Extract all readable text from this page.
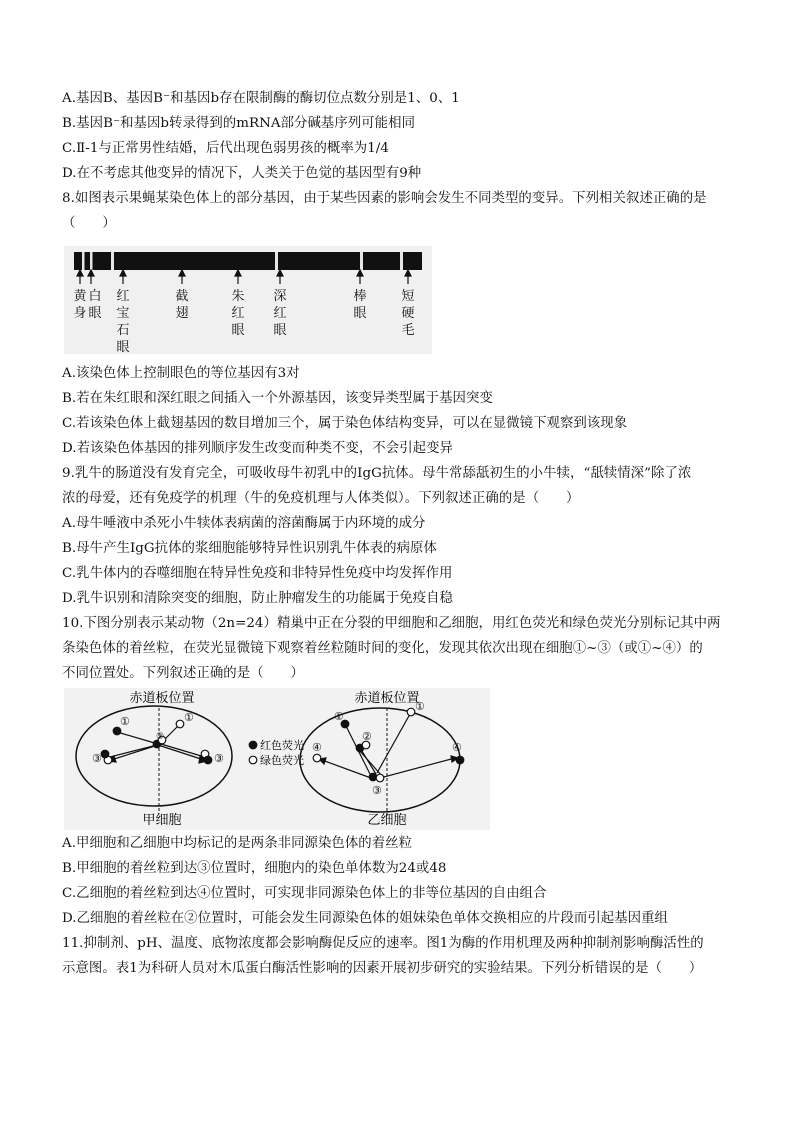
A.基因B、基因B⁻和基因b存在限制酶的酶切位点数分别是1、0、1
B.基因B⁻和基因b转录得到的mRNA部分碱基序列可能相同
C.Ⅱ-1与正常男性结婚，后代出现色弱男孩的概率为1/4
D.在不考虑其他变异的情况下，人类关于色觉的基因型有9种
8.如图表示果蝇某染色体上的部分基因，由于某些因素的影响会发生不同类型的变异。下列相关叙述正确的是
（　　）
黄
身
白
眼
红
宝
石
眼
截
翅
朱
红
眼
深
红
眼
棒
眼
短
硬
毛
A.该染色体上控制眼色的等位基因有3对
B.若在朱红眼和深红眼之间插入一个外源基因，该变异类型属于基因突变
C.若该染色体上截翅基因的数目增加三个，属于染色体结构变异，可以在显微镜下观察到该现象
D.若该染色体基因的排列顺序发生改变而种类不变，不会引起变异
9.乳牛的肠道没有发育完全，可吸收母牛初乳中的IgG抗体。母牛常舔舐初生的小牛犊，“舐犊情深”除了浓
浓的母爱，还有免疫学的机理（牛的免疫机理与人体类似）。下列叙述正确的是（　　）
A.母牛唾液中杀死小牛犊体表病菌的溶菌酶属于内环境的成分
B.母牛产生IgG抗体的浆细胞能够特异性识别乳牛体表的病原体
C.乳牛体内的吞噬细胞在特异性免疫和非特异性免疫中均发挥作用
D.乳牛识别和清除突变的细胞，防止肿瘤发生的功能属于免疫自稳
10.下图分别表示某动物（2n=24）精巢中正在分裂的甲细胞和乙细胞，用红色荧光和绿色荧光分别标记其中两
条染色体的着丝粒，在荧光显微镜下观察着丝粒随时间的变化，发现其依次出现在细胞①~③（或①~④）的
不同位置处。下列叙述正确的是（　　）
赤道板位置	赤道板位置
①	①
②
③	③
甲细胞
红色荧光
绿色荧光
①
①
②
④	④
③
乙细胞
A.甲细胞和乙细胞中均标记的是两条非同源染色体的着丝粒
B.甲细胞的着丝粒到达③位置时，细胞内的染色单体数为24或48
C.乙细胞的着丝粒到达④位置时，可实现非同源染色体上的非等位基因的自由组合
D.乙细胞的着丝粒在②位置时，可能会发生同源染色体的姐妹染色单体交换相应的片段而引起基因重组
11.抑制剂、pH、温度、底物浓度都会影响酶促反应的速率。图1为酶的作用机理及两种抑制剂影响酶活性的
示意图。表1为科研人员对木瓜蛋白酶活性影响的因素开展初步研究的实验结果。下列分析错误的是（　　）
